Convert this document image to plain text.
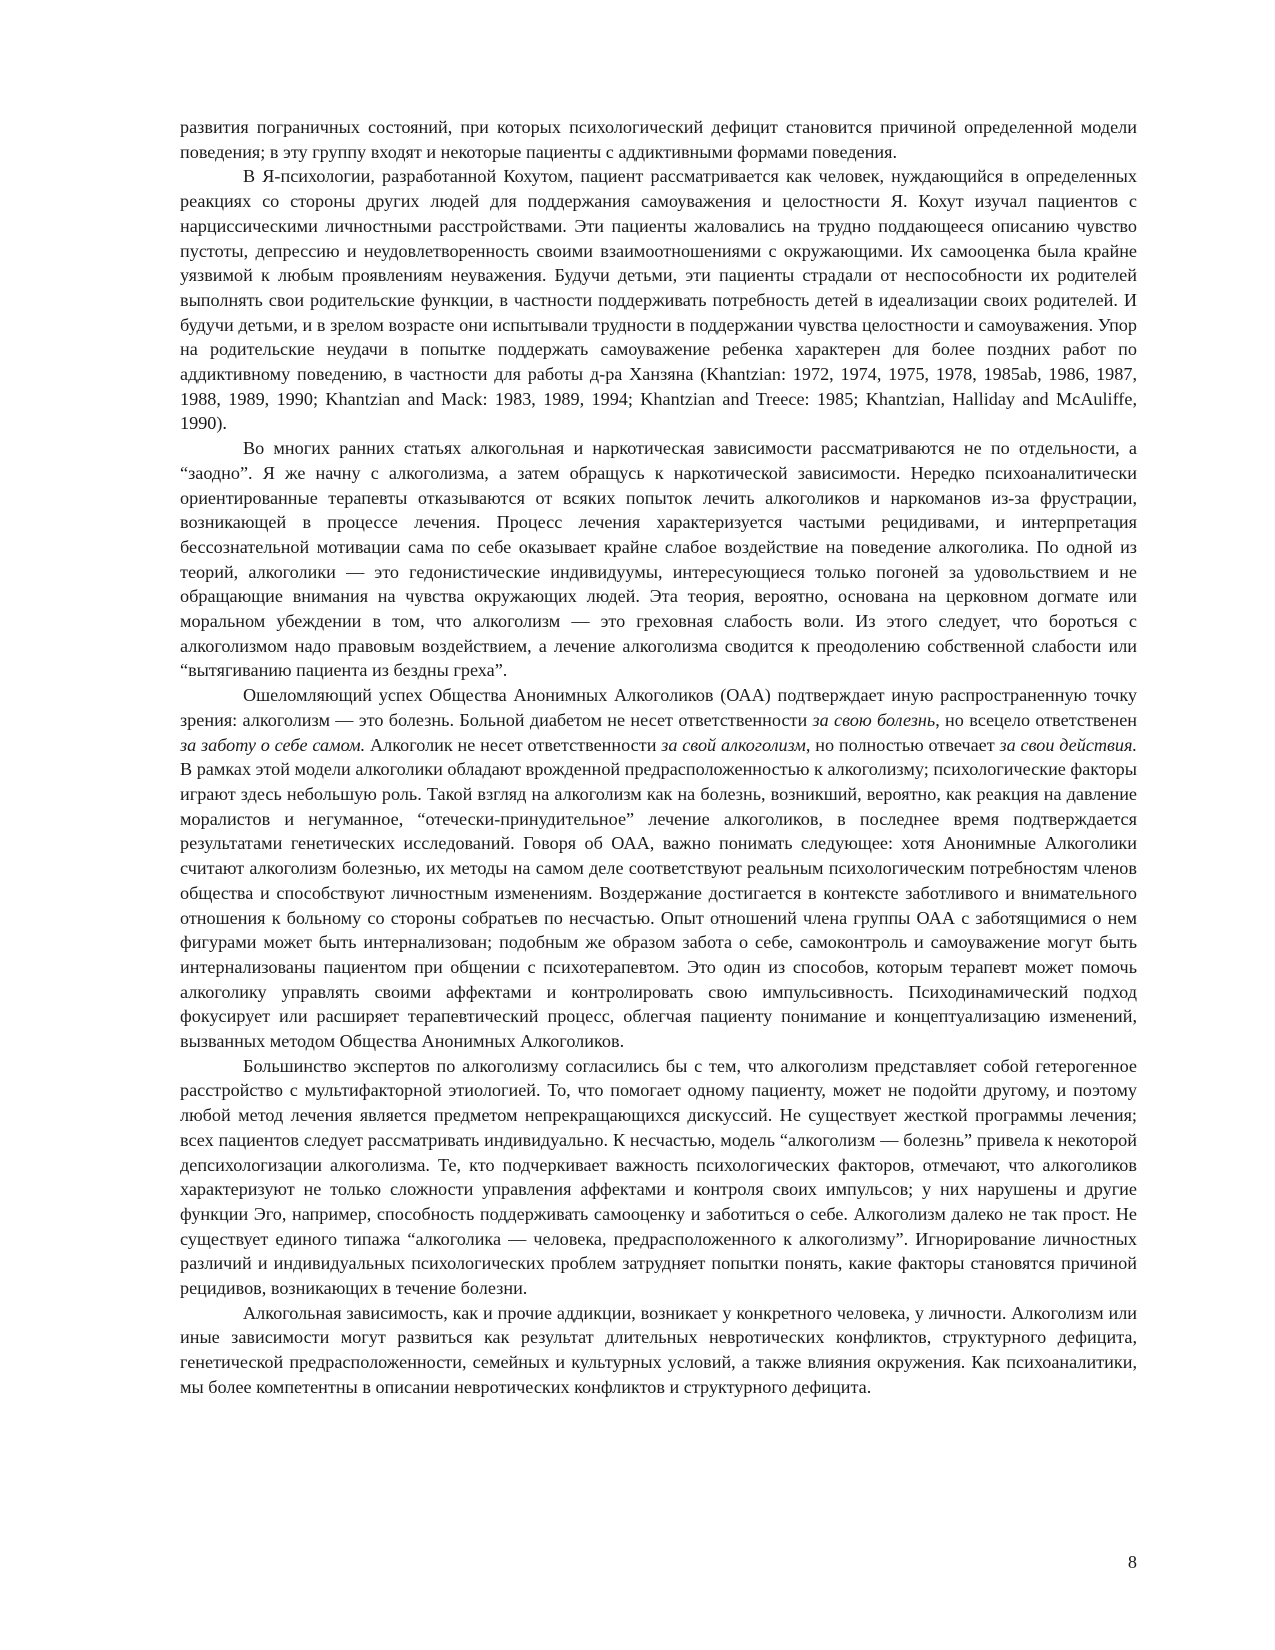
развития пограничных состояний, при которых психологический дефицит становится причиной определенной модели поведения; в эту группу входят и некоторые пациенты с аддиктивными формами поведения.

В Я-психологии, разработанной Кохутом, пациент рассматривается как человек, нуждающийся в определенных реакциях со стороны других людей для поддержания самоуважения и целостности Я. Кохут изучал пациентов с нарциссическими личностными расстройствами. Эти пациенты жаловались на трудно поддающееся описанию чувство пустоты, депрессию и неудовлетворенность своими взаимоотношениями с окружающими. Их самооценка была крайне уязвимой к любым проявлениям неуважения. Будучи детьми, эти пациенты страдали от неспособности их родителей выполнять свои родительские функции, в частности поддерживать потребность детей в идеализации своих родителей. И будучи детьми, и в зрелом возрасте они испытывали трудности в поддержании чувства целостности и самоуважения. Упор на родительские неудачи в попытке поддержать самоуважение ребенка характерен для более поздних работ по аддиктивному поведению, в частности для работы д-ра Ханзяна (Khantzian: 1972, 1974, 1975, 1978, 1985ab, 1986, 1987, 1988, 1989, 1990; Khantzian and Mack: 1983, 1989, 1994; Khantzian and Treece: 1985; Khantzian, Halliday and McAuliffe, 1990).

Во многих ранних статьях алкогольная и наркотическая зависимости рассматриваются не по отдельности, а “заодно”. Я же начну с алкоголизма, а затем обращусь к наркотической зависимости. Нередко психоаналитически ориентированные терапевты отказываются от всяких попыток лечить алкоголиков и наркоманов из-за фрустрации, возникающей в процессе лечения. Процесс лечения характеризуется частыми рецидивами, и интерпретация бессознательной мотивации сама по себе оказывает крайне слабое воздействие на поведение алкоголика. По одной из теорий, алкоголики — это гедонистические индивидуумы, интересующиеся только погоней за удовольствием и не обращающие внимания на чувства окружающих людей. Эта теория, вероятно, основана на церковном догмате или моральном убеждении в том, что алкоголизм — это греховная слабость воли. Из этого следует, что бороться с алкоголизмом надо правовым воздействием, а лечение алкоголизма сводится к преодолению собственной слабости или “вытягиванию пациента из бездны греха”.

Ошеломляющий успех Общества Анонимных Алкоголиков (ОАА) подтверждает иную распространенную точку зрения: алкоголизм — это болезнь. Больной диабетом не несет ответственности за свою болезнь, но всецело ответственен за заботу о себе самом. Алкоголик не несет ответственности за свой алкоголизм, но полностью отвечает за свои действия. В рамках этой модели алкоголики обладают врожденной предрасположенностью к алкоголизму; психологические факторы играют здесь небольшую роль. Такой взгляд на алкоголизм как на болезнь, возникший, вероятно, как реакция на давление моралистов и негуманное, “отечески-принудительное” лечение алкоголиков, в последнее время подтверждается результатами генетических исследований. Говоря об ОАА, важно понимать следующее: хотя Анонимные Алкоголики считают алкоголизм болезнью, их методы на самом деле соответствуют реальным психологическим потребностям членов общества и способствуют личностным изменениям. Воздержание достигается в контексте заботливого и внимательного отношения к больному со стороны собратьев по несчастью. Опыт отношений члена группы ОАА с заботящимися о нем фигурами может быть интернализован; подобным же образом забота о себе, самоконтроль и самоуважение могут быть интернализованы пациентом при общении с психотерапевтом. Это один из способов, которым терапевт может помочь алкоголику управлять своими аффектами и контролировать свою импульсивность. Психодинамический подход фокусирует или расширяет терапевтический процесс, облегчая пациенту понимание и концептуализацию изменений, вызванных методом Общества Анонимных Алкоголиков.

Большинство экспертов по алкоголизму согласились бы с тем, что алкоголизм представляет собой гетерогенное расстройство с мультифакторной этиологией. То, что помогает одному пациенту, может не подойти другому, и поэтому любой метод лечения является предметом непрекращающихся дискуссий. Не существует жесткой программы лечения; всех пациентов следует рассматривать индивидуально. К несчастью, модель “алкоголизм — болезнь” привела к некоторой депсихологизации алкоголизма. Те, кто подчеркивает важность психологических факторов, отмечают, что алкоголиков характеризуют не только сложности управления аффектами и контроля своих импульсов; у них нарушены и другие функции Эго, например, способность поддерживать самооценку и заботиться о себе. Алкоголизм далеко не так прост. Не существует единого типажа “алкоголика — человека, предрасположенного к алкоголизму”. Игнорирование личностных различий и индивидуальных психологических проблем затрудняет попытки понять, какие факторы становятся причиной рецидивов, возникающих в течение болезни.

Алкогольная зависимость, как и прочие аддикции, возникает у конкретного человека, у личности. Алкоголизм или иные зависимости могут развиться как результат длительных невротических конфликтов, структурного дефицита, генетической предрасположенности, семейных и культурных условий, а также влияния окружения. Как психоаналитики, мы более компетентны в описании невротических конфликтов и структурного дефицита.

8
